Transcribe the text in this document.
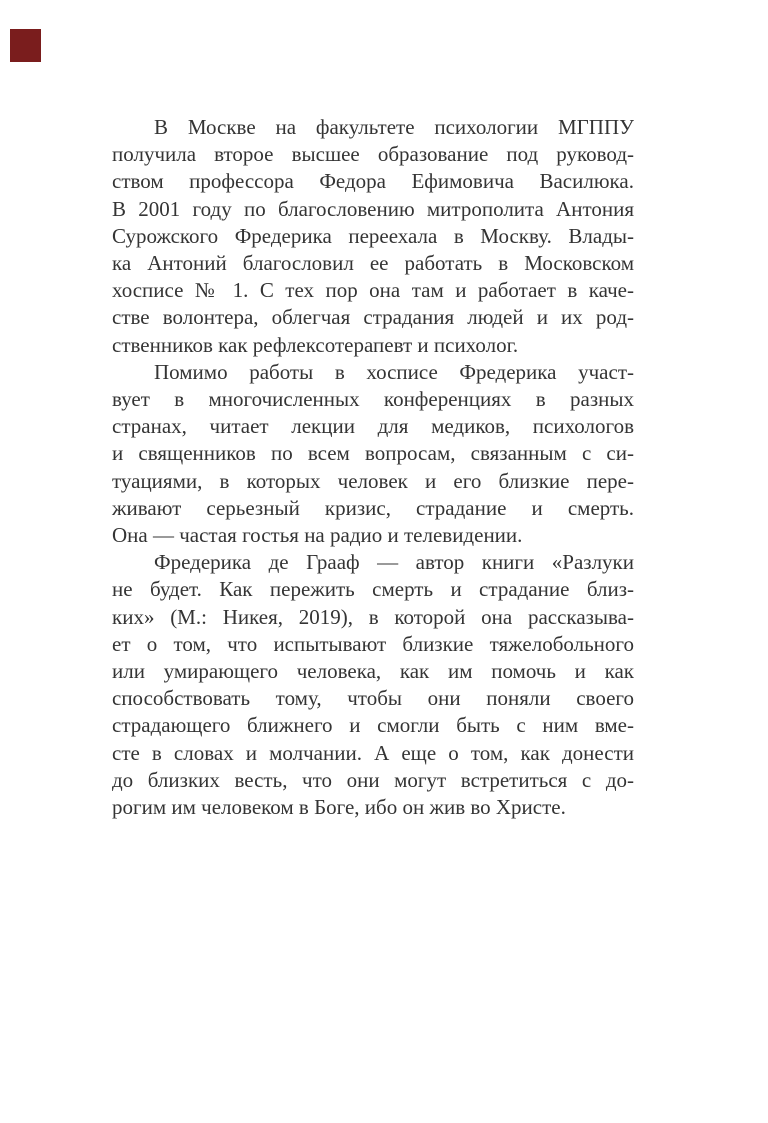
В Москве на факультете психологии МГППУ
получила второе высшее образование под руковод-
ством профессора Федора Ефимовича Василюка.
В 2001 году по благословению митрополита Антония
Сурожского Фредерика переехала в Москву. Влады-
ка Антоний благословил ее работать в Московском
хосписе № 1. С тех пор она там и работает в каче-
стве волонтера, облегчая страдания людей и их род-
ственников как рефлексотерапевт и психолог.
Помимо работы в хосписе Фредерика участ-
вует в многочисленных конференциях в разных
странах, читает лекции для медиков, психологов
и священников по всем вопросам, связанным с си-
туациями, в которых человек и его близкие пере-
живают серьезный кризис, страдание и смерть.
Она — частая гостья на радио и телевидении.
Фредерика де Грааф — автор книги «Разлуки
не будет. Как пережить смерть и страдание близ-
ких» (М.: Никея, 2019), в которой она рассказыва-
ет о том, что испытывают близкие тяжелобольного
или умирающего человека, как им помочь и как
способствовать тому, чтобы они поняли своего
страдающего ближнего и смогли быть с ним вме-
сте в словах и молчании. А еще о том, как донести
до близких весть, что они могут встретиться с до-
рогим им человеком в Боге, ибо он жив во Христе.
